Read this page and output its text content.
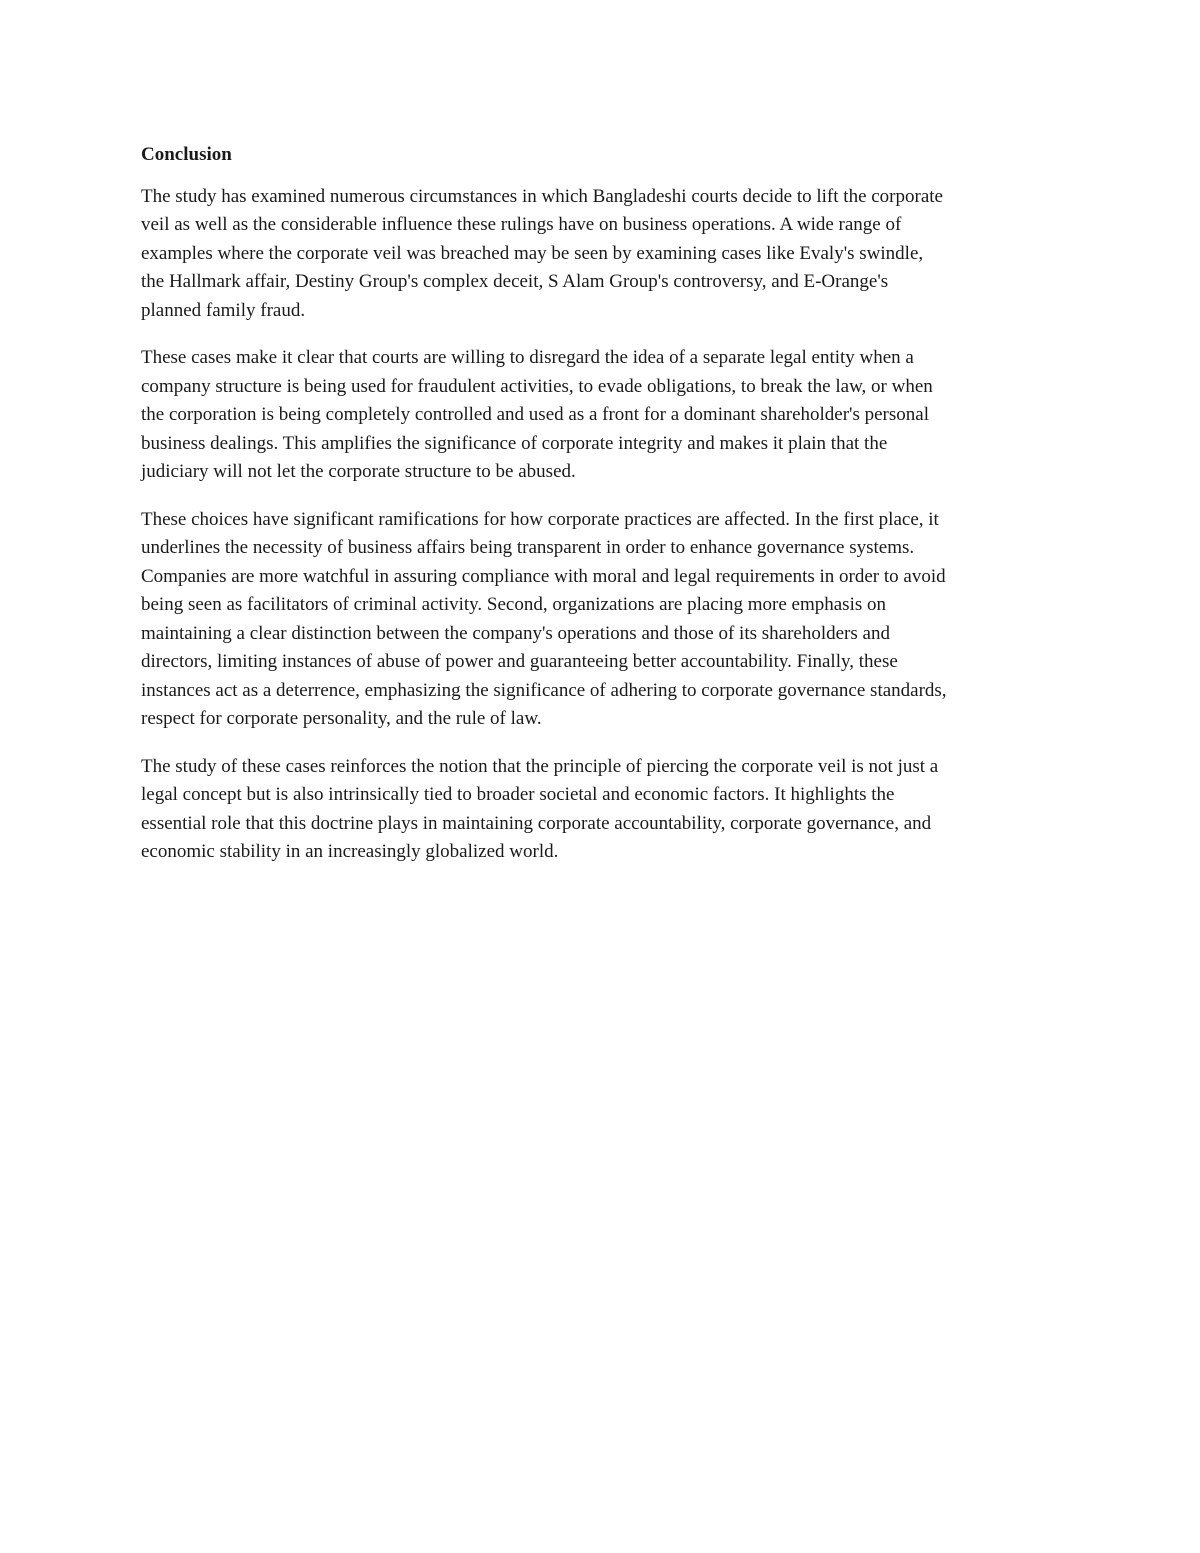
Conclusion
The study has examined numerous circumstances in which Bangladeshi courts decide to lift the corporate
veil as well as the considerable influence these rulings have on business operations. A wide range of
examples where the corporate veil was breached may be seen by examining cases like Evaly's swindle,
the Hallmark affair, Destiny Group's complex deceit, S Alam Group's controversy, and E-Orange's
planned family fraud.
These cases make it clear that courts are willing to disregard the idea of a separate legal entity when a
company structure is being used for fraudulent activities, to evade obligations, to break the law, or when
the corporation is being completely controlled and used as a front for a dominant shareholder's personal
business dealings. This amplifies the significance of corporate integrity and makes it plain that the
judiciary will not let the corporate structure to be abused.
These choices have significant ramifications for how corporate practices are affected. In the first place, it
underlines the necessity of business affairs being transparent in order to enhance governance systems.
Companies are more watchful in assuring compliance with moral and legal requirements in order to avoid
being seen as facilitators of criminal activity. Second, organizations are placing more emphasis on
maintaining a clear distinction between the company's operations and those of its shareholders and
directors, limiting instances of abuse of power and guaranteeing better accountability. Finally, these
instances act as a deterrence, emphasizing the significance of adhering to corporate governance standards,
respect for corporate personality, and the rule of law.
The study of these cases reinforces the notion that the principle of piercing the corporate veil is not just a
legal concept but is also intrinsically tied to broader societal and economic factors. It highlights the
essential role that this doctrine plays in maintaining corporate accountability, corporate governance, and
economic stability in an increasingly globalized world.
